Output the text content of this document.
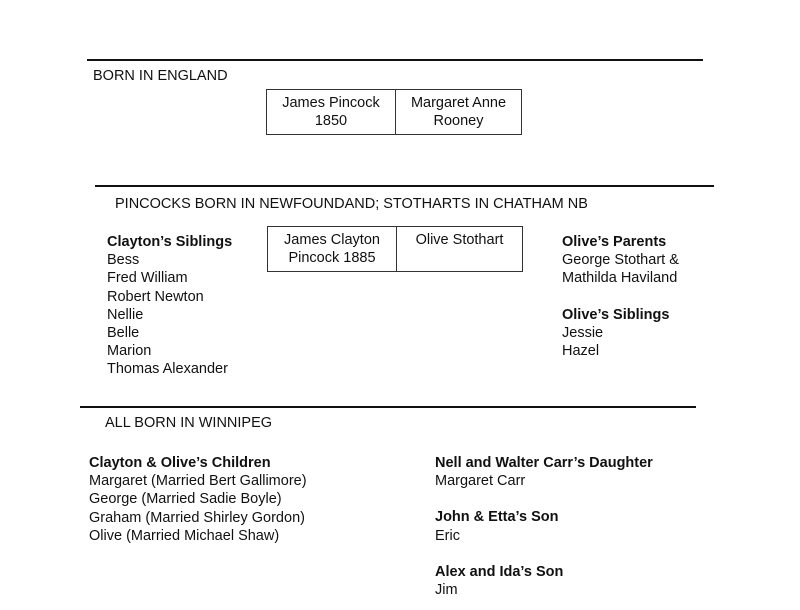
BORN IN ENGLAND
James Pincock
1850
Margaret Anne
Rooney
PINCOCKS BORN IN NEWFOUNDAND; STOTHARTS IN CHATHAM NB
James Clayton
Pincock 1885
Olive Stothart
Clayton’s Siblings
Bess
Fred William
Robert Newton
Nellie
Belle
Marion
Thomas Alexander
Olive’s Parents
George Stothart &
Mathilda Haviland
Olive’s Siblings
Jessie
Hazel
ALL BORN IN WINNIPEG
Clayton & Olive’s Children
Margaret (Married Bert Gallimore)
George (Married Sadie Boyle)
Graham (Married Shirley Gordon)
Olive (Married Michael Shaw)
Nell and Walter Carr’s Daughter
Margaret Carr
John & Etta’s Son
Eric
Alex and Ida’s Son
Jim
